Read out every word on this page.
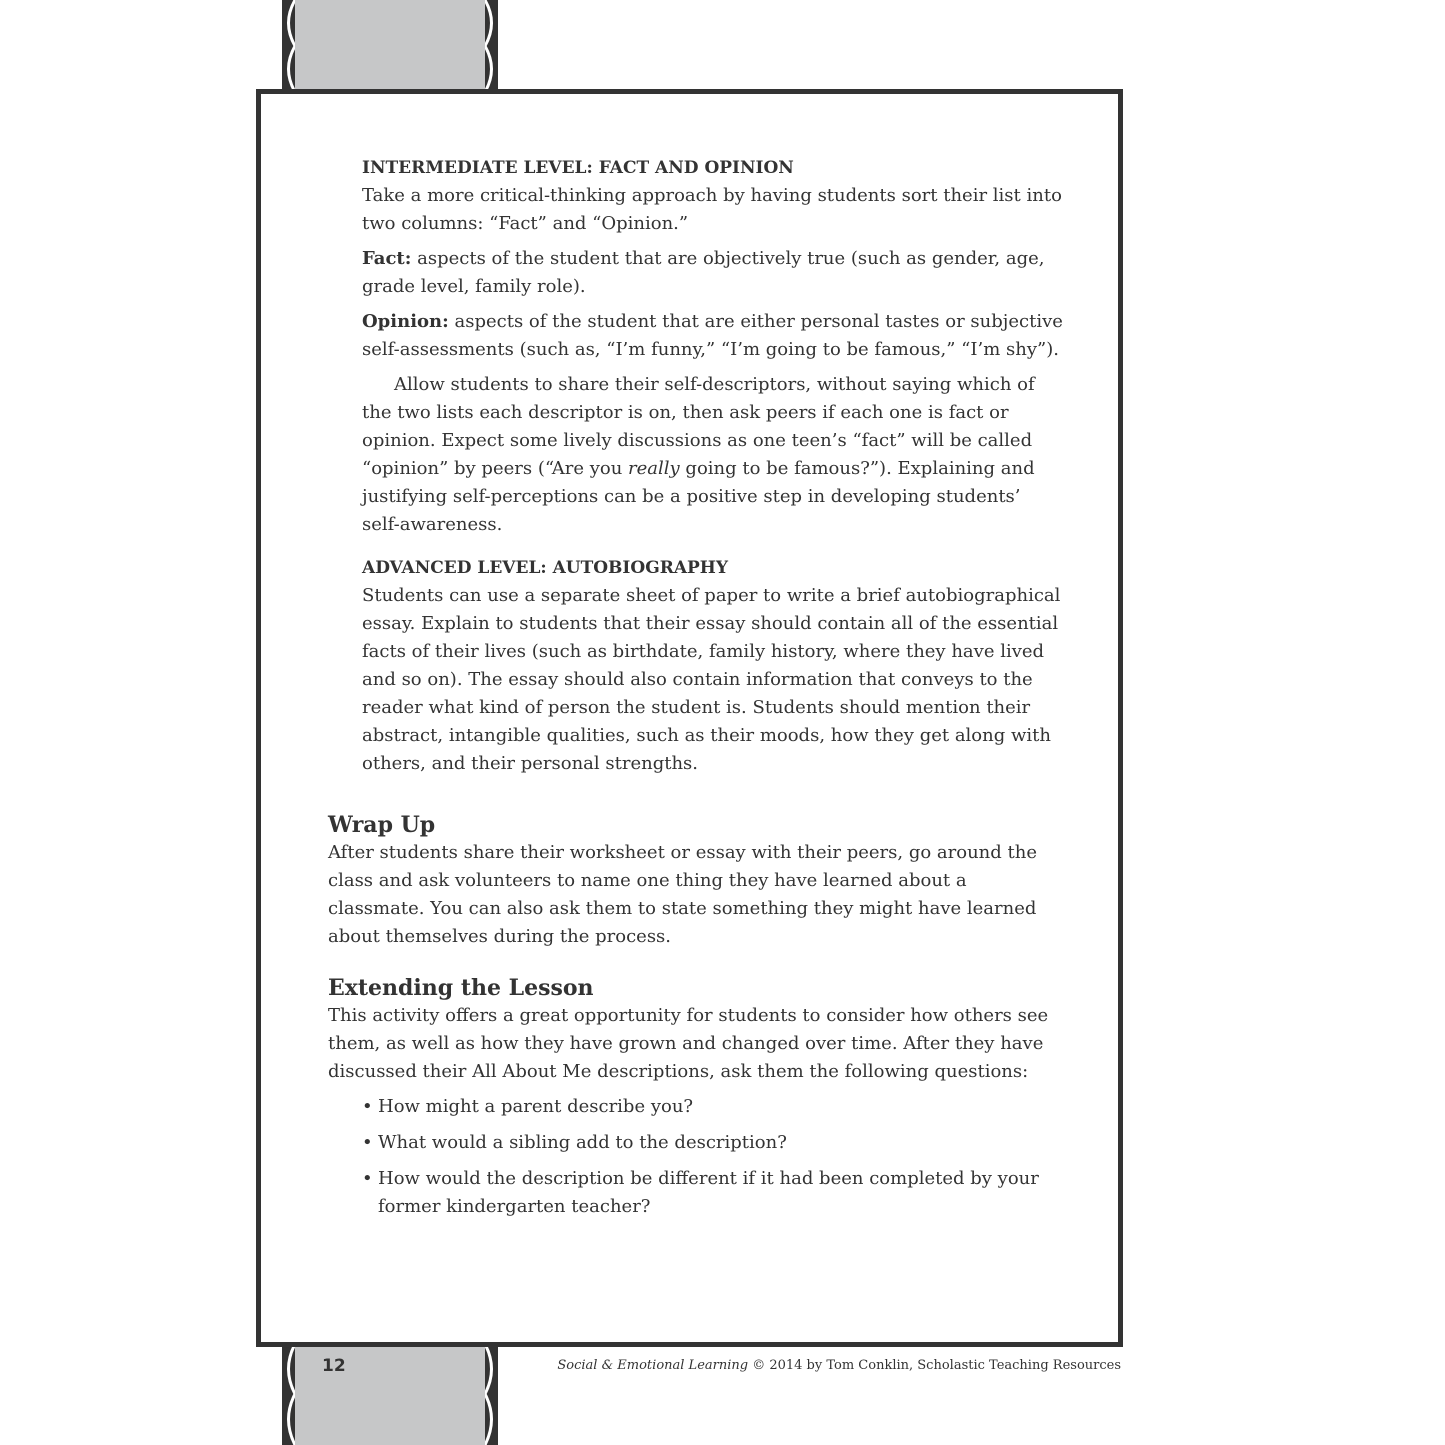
INTERMEDIATE LEVEL: FACT AND OPINION

Take a more critical-thinking approach by having students sort their list into two columns: “Fact” and “Opinion.”

Fact: aspects of the student that are objectively true (such as gender, age, grade level, family role).

Opinion: aspects of the student that are either personal tastes or subjective self-assessments (such as, “I’m funny,” “I’m going to be famous,” “I’m shy”).

Allow students to share their self-descriptors, without saying which of the two lists each descriptor is on, then ask peers if each one is fact or opinion. Expect some lively discussions as one teen’s “fact” will be called “opinion” by peers (“Are you really going to be famous?”). Explaining and justifying self-perceptions can be a positive step in developing students’ self-awareness.

ADVANCED LEVEL: AUTOBIOGRAPHY

Students can use a separate sheet of paper to write a brief autobiographical essay. Explain to students that their essay should contain all of the essential facts of their lives (such as birthdate, family history, where they have lived and so on). The essay should also contain information that conveys to the reader what kind of person the student is. Students should mention their abstract, intangible qualities, such as their moods, how they get along with others, and their personal strengths.

Wrap Up

After students share their worksheet or essay with their peers, go around the class and ask volunteers to name one thing they have learned about a classmate. You can also ask them to state something they might have learned about themselves during the process.

Extending the Lesson

This activity offers a great opportunity for students to consider how others see them, as well as how they have grown and changed over time. After they have discussed their All About Me descriptions, ask them the following questions:

• How might a parent describe you?
• What would a sibling add to the description?
• How would the description be different if it had been completed by your former kindergarten teacher?
12	Social & Emotional Learning © 2014 by Tom Conklin, Scholastic Teaching Resources
